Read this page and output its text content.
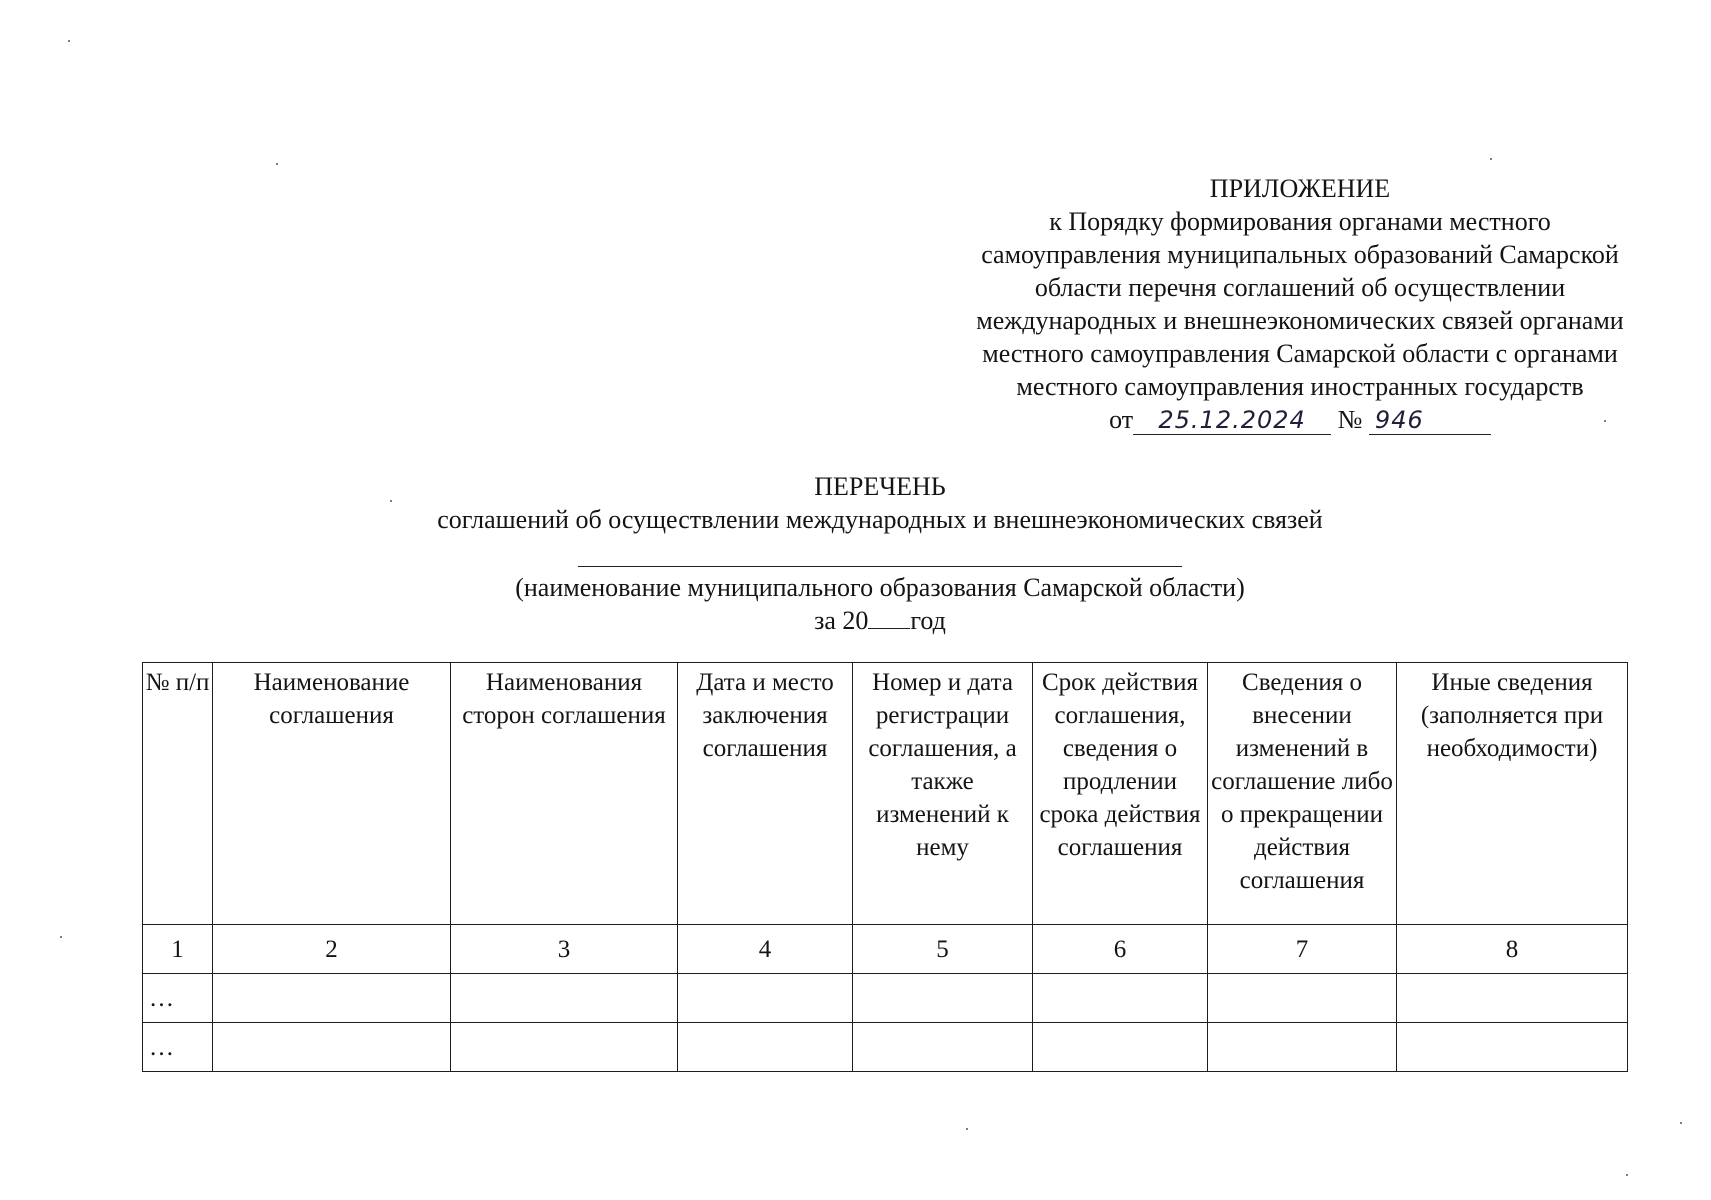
ПРИЛОЖЕНИЕ
к Порядку формирования органами местного
самоуправления муниципальных образований Самарской
области перечня соглашений об осуществлении
международных и внешнеэкономических связей органами
местного самоуправления Самарской области с органами
местного самоуправления иностранных государств
от 25.12.2024 № 946
ПЕРЕЧЕНЬ
соглашений об осуществлении международных и внешнеэкономических связей
(наименование муниципального образования Самарской области)
за 20 год
№ п/п	Наименование соглашения	Наименования сторон соглашения	Дата и место заключения соглашения	Номер и дата регистрации соглашения, а также изменений к нему	Срок действия соглашения, сведения о продлении срока действия соглашения	Сведения о внесении изменений в соглашение либо о прекращении действия соглашения	Иные сведения (заполняется при необходимости)
1	2	3	4	5	6	7	8
…							
…							
